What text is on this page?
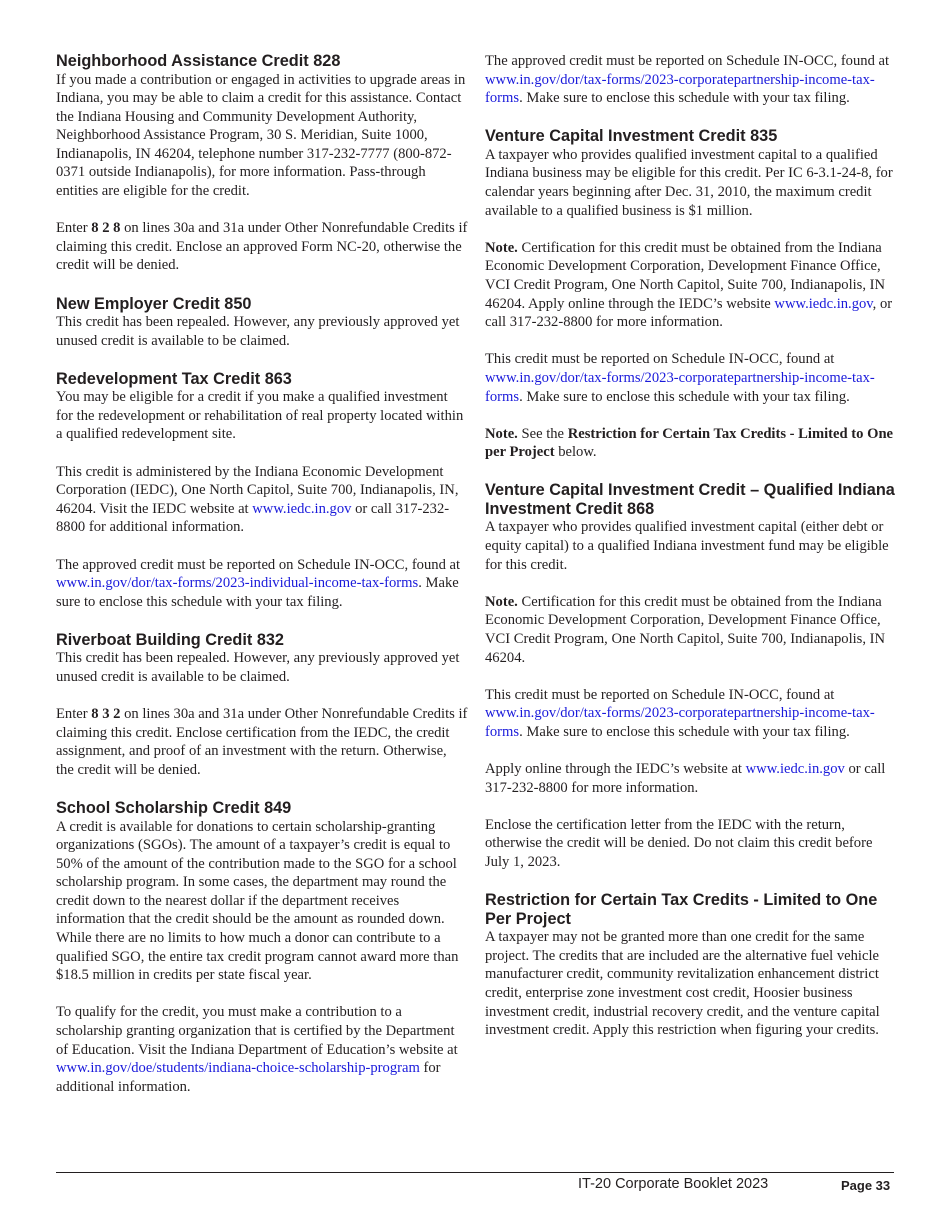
Neighborhood Assistance Credit 828

If you made a contribution or engaged in activities to upgrade areas in Indiana, you may be able to claim a credit for this assistance. Contact the Indiana Housing and Community Development Authority, Neighborhood Assistance Program, 30 S. Meridian, Suite 1000, Indianapolis, IN 46204, telephone number 317-232-7777 (800-872-0371 outside Indianapolis), for more information. Pass-through entities are eligible for the credit.

Enter 8 2 8 on lines 30a and 31a under Other Nonrefundable Credits if claiming this credit. Enclose an approved Form NC-20, otherwise the credit will be denied.

New Employer Credit 850

This credit has been repealed. However, any previously approved yet unused credit is available to be claimed.

Redevelopment Tax Credit 863

You may be eligible for a credit if you make a qualified investment for the redevelopment or rehabilitation of real property located within a qualified redevelopment site.

This credit is administered by the Indiana Economic Development Corporation (IEDC), One North Capitol, Suite 700, Indianapolis, IN, 46204. Visit the IEDC website at www.iedc.in.gov or call 317-232-8800 for additional information.

The approved credit must be reported on Schedule IN-OCC, found at www.in.gov/dor/tax-forms/2023-individual-income-tax-forms. Make sure to enclose this schedule with your tax filing.

Riverboat Building Credit 832

This credit has been repealed. However, any previously approved yet unused credit is available to be claimed.

Enter 8 3 2 on lines 30a and 31a under Other Nonrefundable Credits if claiming this credit. Enclose certification from the IEDC, the credit assignment, and proof of an investment with the return. Otherwise, the credit will be denied.

School Scholarship Credit 849

A credit is available for donations to certain scholarship-granting organizations (SGOs). The amount of a taxpayer’s credit is equal to 50% of the amount of the contribution made to the SGO for a school scholarship program. In some cases, the department may round the credit down to the nearest dollar if the department receives information that the credit should be the amount as rounded down. While there are no limits to how much a donor can contribute to a qualified SGO, the entire tax credit program cannot award more than $18.5 million in credits per state fiscal year.

To qualify for the credit, you must make a contribution to a scholarship granting organization that is certified by the Department of Education. Visit the Indiana Department of Education’s website at www.in.gov/doe/students/indiana-choice-scholarship-program for additional information.

The approved credit must be reported on Schedule IN-OCC, found at www.in.gov/dor/tax-forms/2023-corporatepartnership-income-tax-forms. Make sure to enclose this schedule with your tax filing.

Venture Capital Investment Credit 835

A taxpayer who provides qualified investment capital to a qualified Indiana business may be eligible for this credit. Per IC 6-3.1-24-8, for calendar years beginning after Dec. 31, 2010, the maximum credit available to a qualified business is $1 million.

Note. Certification for this credit must be obtained from the Indiana Economic Development Corporation, Development Finance Office, VCI Credit Program, One North Capitol, Suite 700, Indianapolis, IN 46204. Apply online through the IEDC’s website www.iedc.in.gov, or call 317-232-8800 for more information.

This credit must be reported on Schedule IN-OCC, found at www.in.gov/dor/tax-forms/2023-corporatepartnership-income-tax-forms. Make sure to enclose this schedule with your tax filing.

Note. See the Restriction for Certain Tax Credits - Limited to One per Project below.

Venture Capital Investment Credit – Qualified Indiana Investment Credit 868

A taxpayer who provides qualified investment capital (either debt or equity capital) to a qualified Indiana investment fund may be eligible for this credit.

Note. Certification for this credit must be obtained from the Indiana Economic Development Corporation, Development Finance Office, VCI Credit Program, One North Capitol, Suite 700, Indianapolis, IN 46204.

This credit must be reported on Schedule IN-OCC, found at www.in.gov/dor/tax-forms/2023-corporatepartnership-income-tax-forms. Make sure to enclose this schedule with your tax filing.

Apply online through the IEDC’s website at www.iedc.in.gov or call 317-232-8800 for more information.

Enclose the certification letter from the IEDC with the return, otherwise the credit will be denied. Do not claim this credit before July 1, 2023.

Restriction for Certain Tax Credits - Limited to One Per Project

A taxpayer may not be granted more than one credit for the same project. The credits that are included are the alternative fuel vehicle manufacturer credit, community revitalization enhancement district credit, enterprise zone investment cost credit, Hoosier business investment credit, industrial recovery credit, and the venture capital investment credit. Apply this restriction when figuring your credits.

IT-20 Corporate Booklet 2023	Page 33
